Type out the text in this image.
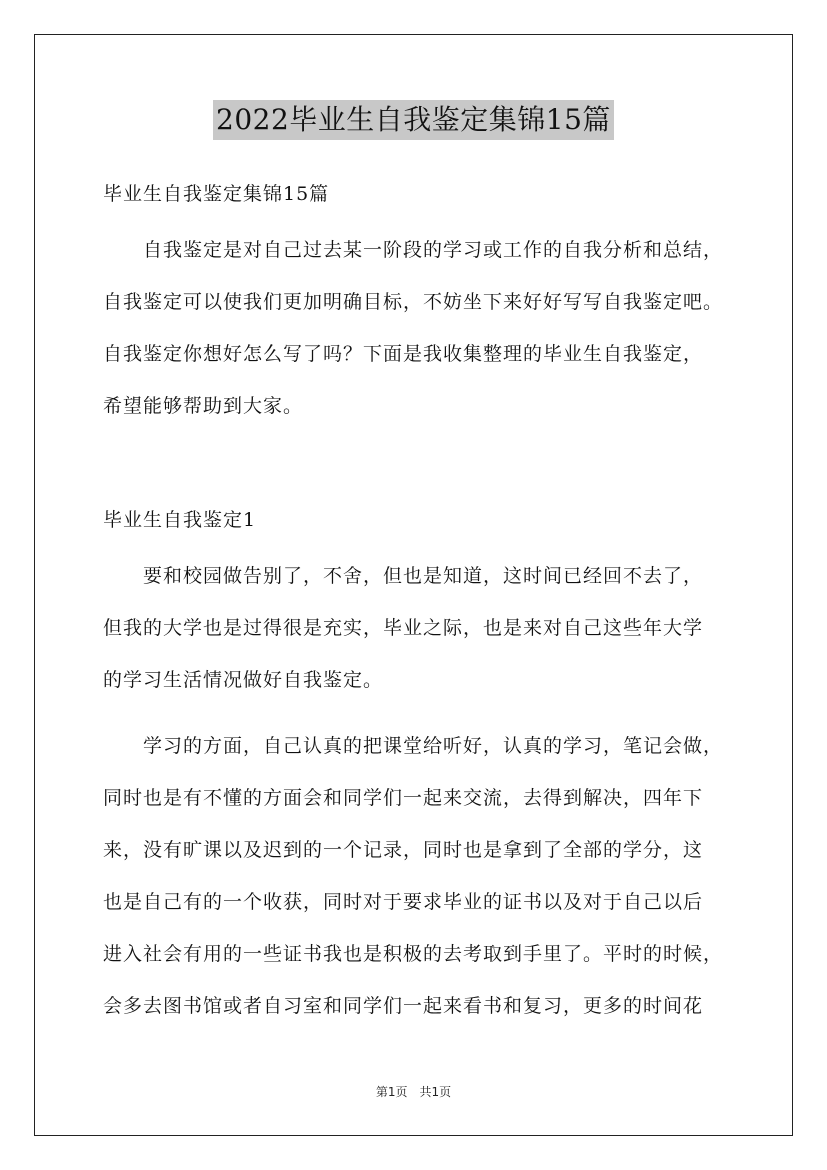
2022毕业生自我鉴定集锦15篇
毕业生自我鉴定集锦15篇
自我鉴定是对自己过去某一阶段的学习或工作的自我分析和总结，
自我鉴定可以使我们更加明确目标，不妨坐下来好好写写自我鉴定吧。
自我鉴定你想好怎么写了吗？下面是我收集整理的毕业生自我鉴定，
希望能够帮助到大家。
毕业生自我鉴定1
要和校园做告别了，不舍，但也是知道，这时间已经回不去了，
但我的大学也是过得很是充实，毕业之际，也是来对自己这些年大学
的学习生活情况做好自我鉴定。
学习的方面，自己认真的把课堂给听好，认真的学习，笔记会做，
同时也是有不懂的方面会和同学们一起来交流，去得到解决，四年下
来，没有旷课以及迟到的一个记录，同时也是拿到了全部的学分，这
也是自己有的一个收获，同时对于要求毕业的证书以及对于自己以后
进入社会有用的一些证书我也是积极的去考取到手里了。平时的时候，
会多去图书馆或者自习室和同学们一起来看书和复习，更多的时间花
第1页　共1页
